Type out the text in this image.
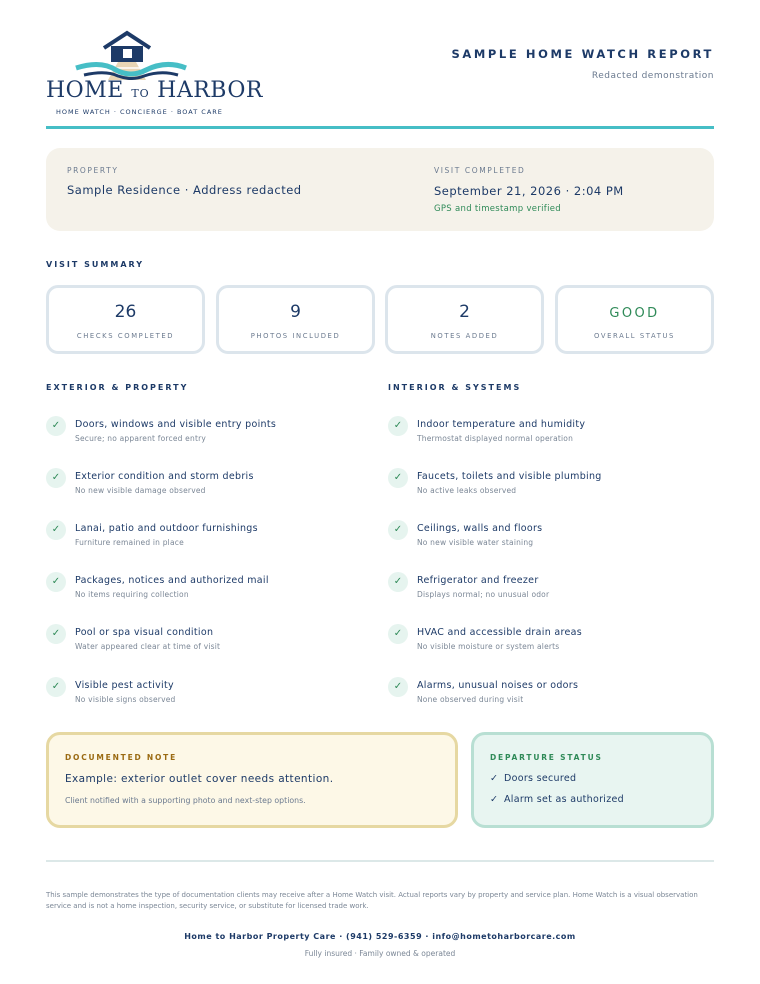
HOME TO HARBOR
HOME WATCH · CONCIERGE · BOAT CARE
SAMPLE HOME WATCH REPORT
Redacted demonstration
PROPERTY
Sample Residence · Address redacted
VISIT COMPLETED
September 21, 2026 · 2:04 PM
GPS and timestamp verified
VISIT SUMMARY
26
CHECKS COMPLETED
9
PHOTOS INCLUDED
2
NOTES ADDED
GOOD
OVERALL STATUS
EXTERIOR & PROPERTY	INTERIOR & SYSTEMS
✓	Doors, windows and visible entry points
Secure; no apparent forced entry
✓	Exterior condition and storm debris
No new visible damage observed
✓	Lanai, patio and outdoor furnishings
Furniture remained in place
✓	Packages, notices and authorized mail
No items requiring collection
✓	Pool or spa visual condition
Water appeared clear at time of visit
✓	Visible pest activity
No visible signs observed
✓	Indoor temperature and humidity
Thermostat displayed normal operation
✓	Faucets, toilets and visible plumbing
No active leaks observed
✓	Ceilings, walls and floors
No new visible water staining
✓	Refrigerator and freezer
Displays normal; no unusual odor
✓	HVAC and accessible drain areas
No visible moisture or system alerts
✓	Alarms, unusual noises or odors
None observed during visit
DOCUMENTED NOTE
Example: exterior outlet cover needs attention.
Client notified with a supporting photo and next-step options.
DEPARTURE STATUS
✓ Doors secured
✓ Alarm set as authorized
This sample demonstrates the type of documentation clients may receive after a Home Watch visit. Actual reports vary by property and service plan. Home Watch is a visual observation service and is not a home inspection, security service, or substitute for licensed trade work.
Home to Harbor Property Care · (941) 529-6359 · info@hometoharborcare.com
Fully insured · Family owned & operated
